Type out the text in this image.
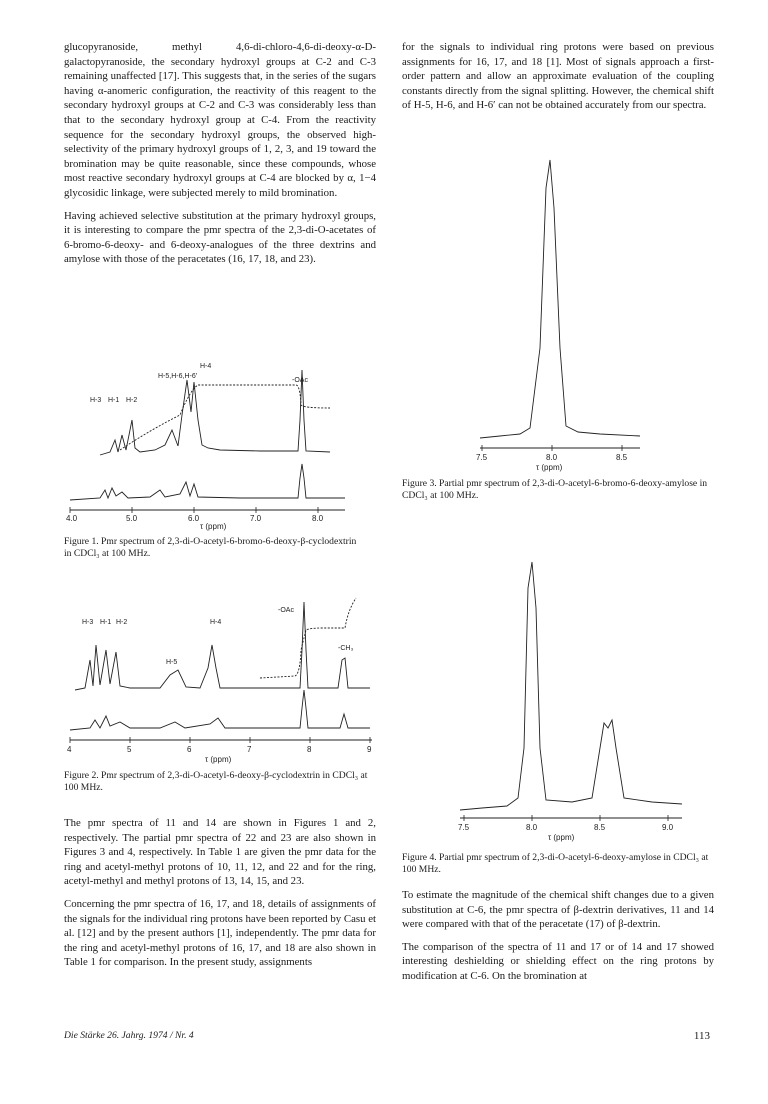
glucopyranoside, methyl 4,6-di-chloro-4,6-di-deoxy-α-D-galactopyranoside, the secondary hydroxyl groups at C-2 and C-3 remaining unaffected [17]. This suggests that, in the series of the sugars having α-anomeric configuration, the reactivity of this reagent to the secondary hydroxyl groups at C-2 and C-3 was considerably less than that to the secondary hydroxyl group at C-4. From the reactivity sequence for the secondary hydroxyl groups, the observed high-selectivity of the primary hydroxyl groups of 1, 2, 3, and 19 toward the bromination may be quite reasonable, since these compounds, whose most reactive secondary hydroxyl groups at C-4 are blocked by α, 1−4 glycosidic linkage, were subjected merely to mild bromination.

Having achieved selective substitution at the primary hydroxyl groups, it is interesting to compare the pmr spectra of the 2,3-di-O-acetates of 6-bromo-6-deoxy- and 6-deoxy-analogues of the three dextrins and amylose with those of the peracetates (16, 17, 18, and 23).

for the signals to individual ring protons were based on previous assignments for 16, 17, and 18 [1]. Most of signals approach a first-order pattern and allow an approximate evaluation of the coupling constants directly from the signal splitting. However, the chemical shift of H-5, H-6, and H-6′ can not be obtained accurately from our spectra.

4.0	5.0	6.0	7.0	8.0
τ (ppm)
H-3 H-1 H-2
H-5,H-6,H-6′
H-4
-OAc
Figure 1. Pmr spectrum of 2,3-di-O-acetyl-6-bromo-6-deoxy-β-cyclodextrin in CDCl₃ at 100 MHz.
4	5	6	7	8	9
τ (ppm)
H-3 H-1 H-2
H-5
H-4
-OAc
-CH₃
Figure 2. Pmr spectrum of 2,3-di-O-acetyl-6-deoxy-β-cyclodextrin in CDCl₃ at 100 MHz.

The pmr spectra of 11 and 14 are shown in Figures 1 and 2, respectively. The partial pmr spectra of 22 and 23 are also shown in Figures 3 and 4, respectively. In Table 1 are given the pmr data for the ring and acetyl-methyl protons of 10, 11, 12, and 22 and for the ring, acetyl-methyl and methyl protons of 13, 14, 15, and 23.

Concerning the pmr spectra of 16, 17, and 18, details of assignments of the signals for the individual ring protons have been reported by Casu et al. [12] and by the present authors [1], independently. The pmr data for the ring and acetyl-methyl protons of 16, 17, and 18 are also shown in Table 1 for comparison. In the present study, assignments

7.5	8.0	8.5
τ (ppm)
Figure 3. Partial pmr spectrum of 2,3-di-O-acetyl-6-bromo-6-deoxy-amylose in CDCl₃ at 100 MHz.
7.5	8.0	8.5	9.0
τ (ppm)
Figure 4. Partial pmr spectrum of 2,3-di-O-acetyl-6-deoxy-amylose in CDCl₃ at 100 MHz.

To estimate the magnitude of the chemical shift changes due to a given substitution at C-6, the pmr spectra of β-dextrin derivatives, 11 and 14 were compared with that of the peracetate (17) of β-dextrin.

The comparison of the spectra of 11 and 17 or of 14 and 17 showed interesting deshielding or shielding effect on the ring protons by modification at C-6. On the bromination at

Die Stärke 26. Jahrg. 1974 / Nr. 4	113
